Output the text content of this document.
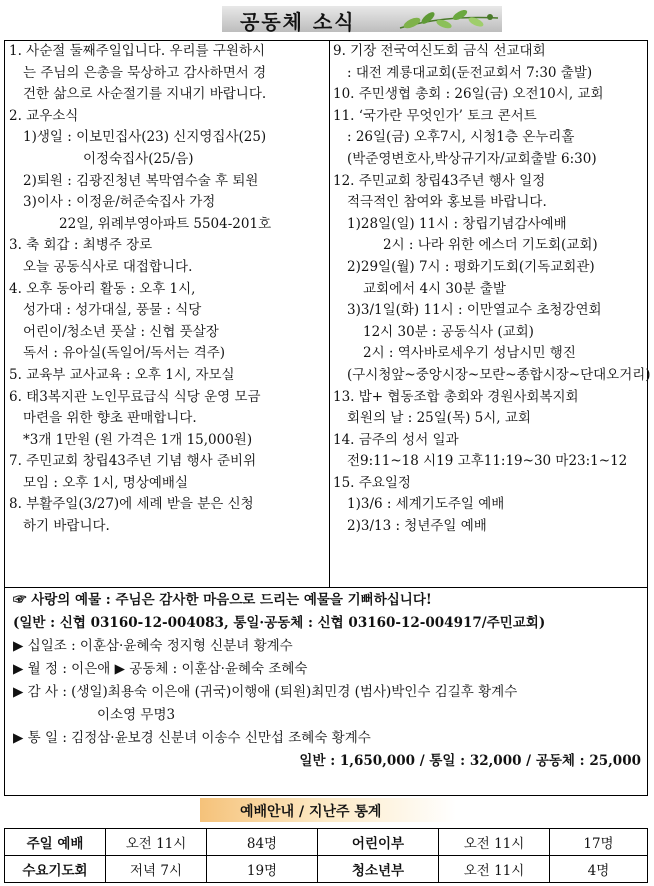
공동체 소식
1. 사순절 둘째주일입니다. 우리를 구원하시
는 주님의 은총을 묵상하고 감사하면서 경
건한 삶으로 사순절기를 지내기 바랍니다.
2. 교우소식
1)생일 : 이보민집사(23) 신지영집사(25)
이정숙집사(25/음)
2)퇴원 : 김광진청년 복막염수술 후 퇴원
3)이사 : 이정윤/허준숙집사 가정
22일, 위례부영아파트 5504-201호
3. 축 회갑 : 최병주 장로
오늘 공동식사로 대접합니다.
4. 오후 동아리 활동 : 오후 1시,
성가대 : 성가대실, 풍물 : 식당
어린이/청소년 풋살 : 신협 풋살장
독서 : 유아실(독일어/독서는 격주)
5. 교육부 교사교육 : 오후 1시, 자모실
6. 태3복지관 노인무료급식 식당 운영 모금
마련을 위한 향초 판매합니다.
*3개 1만원 (원 가격은 1개 15,000원)
7. 주민교회 창립43주년 기념 행사 준비위
모임 : 오후 1시, 명상예배실
8. 부활주일(3/27)에 세례 받을 분은 신청
하기 바랍니다.
9. 기장 전국여신도회 금식 선교대회
: 대전 계룡대교회(둔전교회서 7:30 출발)
10. 주민생협 총회 : 26일(금) 오전10시, 교회
11. ‘국가란 무엇인가’ 토크 콘서트
: 26일(금) 오후7시, 시청1층 온누리홀
(박준영변호사,박상규기자/교회출발 6:30)
12. 주민교회 창립43주년 행사 일정
적극적인 참여와 홍보를 바랍니다.
1)28일(일) 11시 : 창립기념감사예배
2시 : 나라 위한 에스더 기도회(교회)
2)29일(월) 7시 : 평화기도회(기독교회관)
교회에서 4시 30분 출발
3)3/1일(화) 11시 : 이만열교수 초청강연회
12시 30분 : 공동식사 (교회)
2시 : 역사바로세우기 성남시민 행진
(구시청앞~중앙시장~모란~종합시장~단대오거리)
13. 밥+ 협동조합 총회와 경원사회복지회
회원의 날 : 25일(목) 5시, 교회
14. 금주의 성서 일과
전9:11~18 시19 고후11:19~30 마23:1~12
15. 주요일정
1)3/6 : 세계기도주일 예배
2)3/13 : 청년주일 예배
☞ 사랑의 예물 : 주님은 감사한 마음으로 드리는 예물을 기뻐하십니다!
(일반 : 신협 03160-12-004083, 통일·공동체 : 신협 03160-12-004917/주민교회)
▶ 십일조 : 이훈삼·윤혜숙 정지형 신분녀 황계수
▶ 월 정 : 이은애 ▶ 공동체 : 이훈삼·윤혜숙 조혜숙
▶ 감 사 : (생일)최용숙 이은애 (귀국)이행애 (퇴원)최민경 (범사)박인수 김길후 황계수
이소영 무명3
▶ 통 일 : 김정삼·윤보경 신분녀 이송수 신만섭 조혜숙 황계수
일반 : 1,650,000 / 통일 : 32,000 / 공동체 : 25,000
예배안내 / 지난주 통계
주일 예배	오전 11시	84명	어린이부	오전 11시	17명
수요기도회	저녁 7시	19명	청소년부	오전 11시	4명
